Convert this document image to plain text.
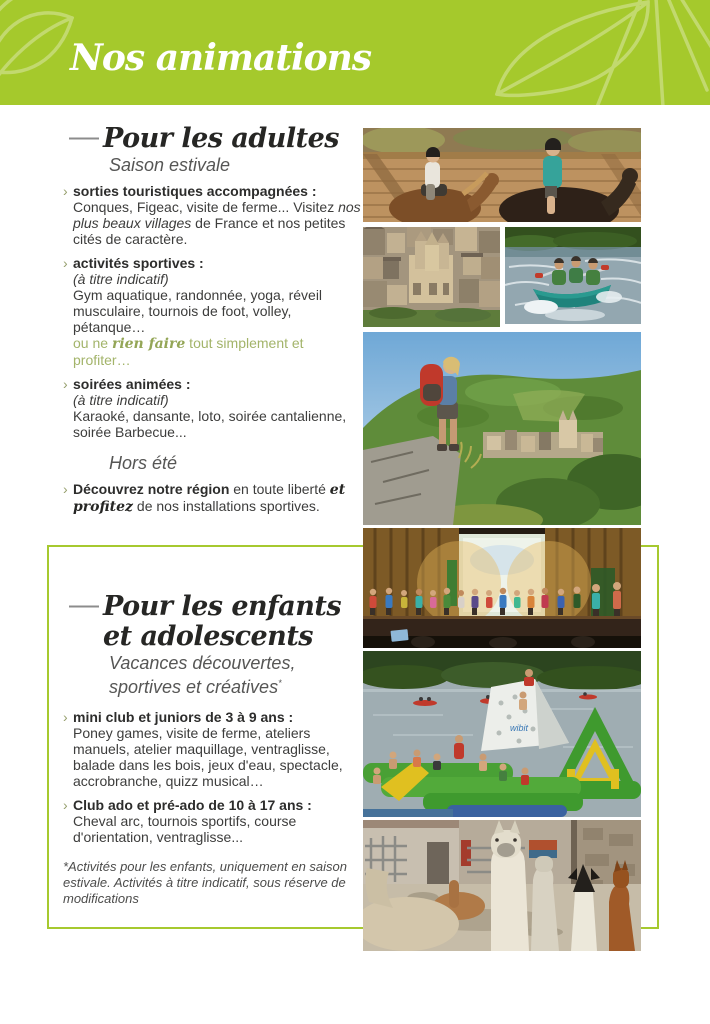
Nos animations
— Pour les adultes

Saison estivale

› sorties touristiques accompagnées :
Conques, Figeac, visite de ferme... Visitez nos plus beaux villages de France et nos petites cités de caractère.
› activités sportives :
(à titre indicatif)
Gym aquatique, randonnée, yoga, réveil musculaire, tournois de foot, volley, pétanque…
ou ne rien faire tout simplement et profiter…
› soirées animées :
(à titre indicatif)
Karaoké, dansante, loto, soirée cantalienne, soirée Barbecue...

Hors été

› Découvrez notre région en toute liberté et profitez de nos installations sportives.
— Pour les enfants
et adolescents

Vacances découvertes,
sportives et créatives*

› mini club et juniors de 3 à 9 ans :
Poney games, visite de ferme, ateliers manuels, atelier maquillage, ventraglisse, balade dans les bois, jeux d'eau, spectacle, accrobranche, quizz musical…
› Club ado et pré-ado de 10 à 17 ans :
Cheval arc, tournois sportifs, course d'orientation, ventraglisse...

*Activités pour les enfants, uniquement en saison estivale. Activités à titre indicatif, sous réserve de modifications

wibit
